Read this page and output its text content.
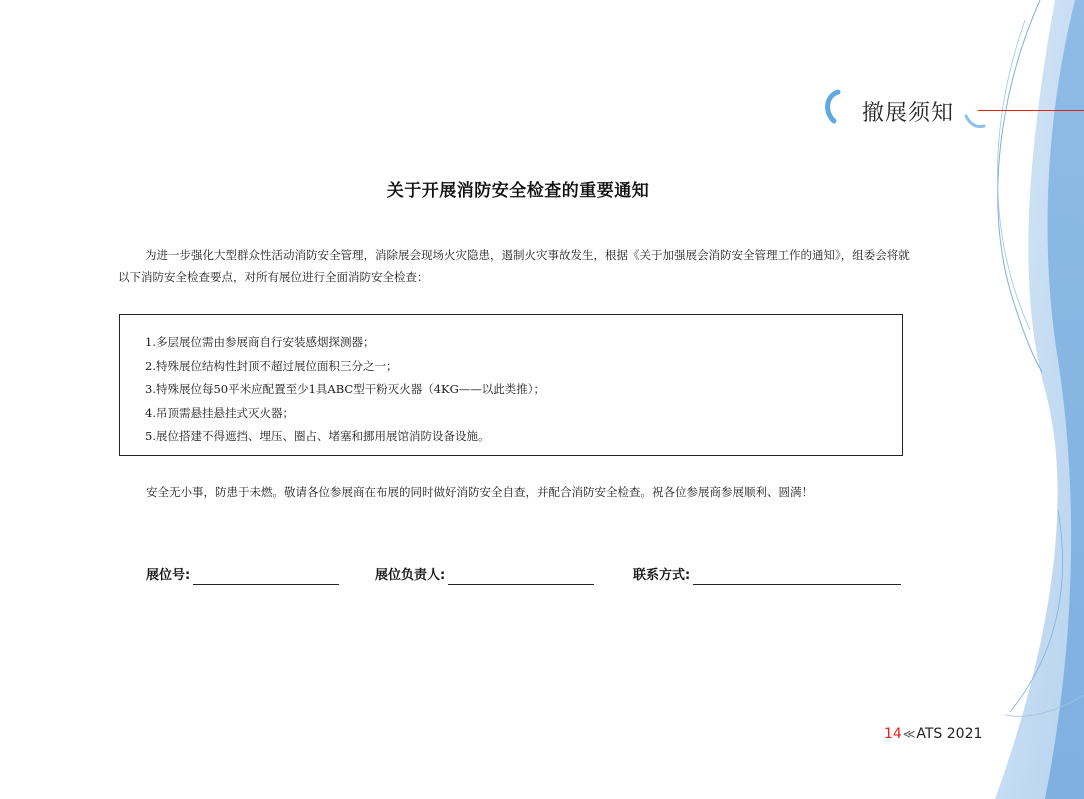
撤展须知
关于开展消防安全检查的重要通知

为进一步强化大型群众性活动消防安全管理，消除展会现场火灾隐患，遏制火灾事故发生，根据《关于加强展会消防安全管理工作的通知》，组委会将就以下消防安全检查要点，对所有展位进行全面消防安全检查：

1.多层展位需由参展商自行安装感烟探测器；
2.特殊展位结构性封顶不超过展位面积三分之一；
3.特殊展位每50平米应配置至少1具ABC型干粉灭火器（4KG——以此类推）；
4.吊顶需悬挂悬挂式灭火器；
5.展位搭建不得遮挡、埋压、圈占、堵塞和挪用展馆消防设备设施。

安全无小事，防患于未燃。敬请各位参展商在布展的同时做好消防安全自查，并配合消防安全检查。祝各位参展商参展顺利、圆满！

展位号:	展位负责人:	联系方式:
14≪ATS 2021
